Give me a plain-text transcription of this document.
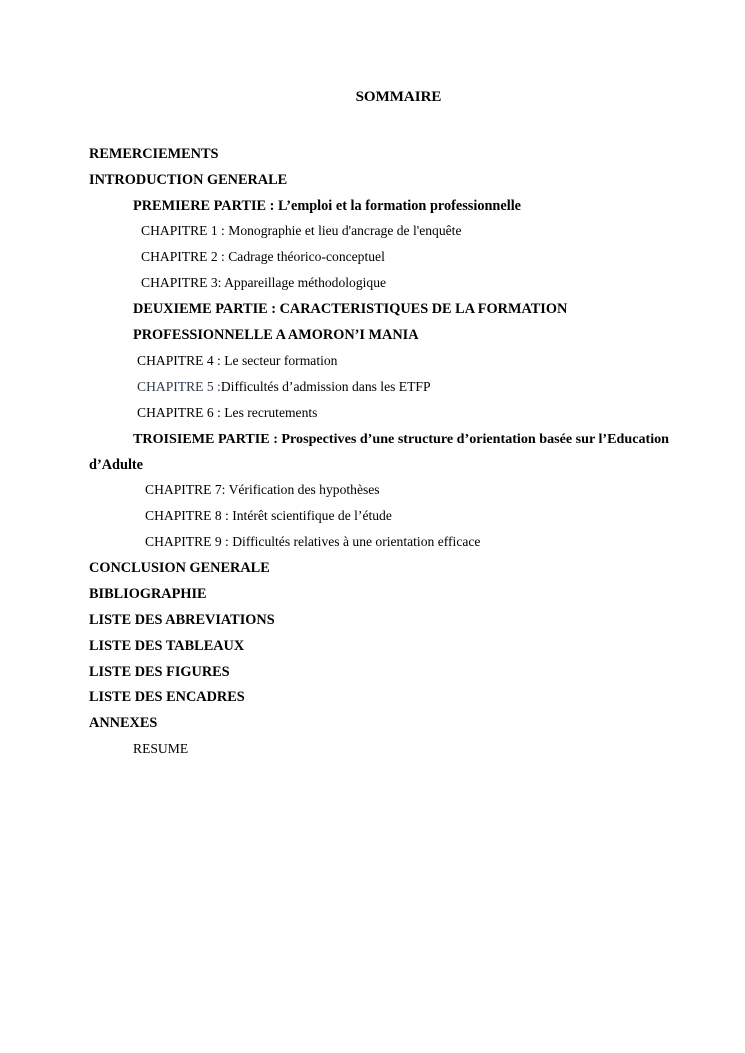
SOMMAIRE
REMERCIEMENTS
INTRODUCTION GENERALE
PREMIERE PARTIE : L’emploi et la formation professionnelle
CHAPITRE 1 : Monographie et lieu d'ancrage de l'enquête
CHAPITRE 2 : Cadrage théorico-conceptuel
CHAPITRE 3: Appareillage méthodologique
DEUXIEME PARTIE : CARACTERISTIQUES DE LA FORMATION
PROFESSIONNELLE A AMORON’I MANIA
CHAPITRE 4 : Le secteur formation
CHAPITRE 5 :Difficultés d’admission dans les ETFP
CHAPITRE 6 : Les recrutements
TROISIEME PARTIE : Prospectives d’une structure d’orientation basée sur l’Education
d’Adulte
CHAPITRE 7: Vérification des hypothèses
CHAPITRE 8 : Intérêt scientifique de l’étude
CHAPITRE 9 : Difficultés relatives à une orientation efficace
CONCLUSION GENERALE
BIBLIOGRAPHIE
LISTE DES ABREVIATIONS
LISTE DES TABLEAUX
LISTE DES FIGURES
LISTE DES ENCADRES
ANNEXES
RESUME
